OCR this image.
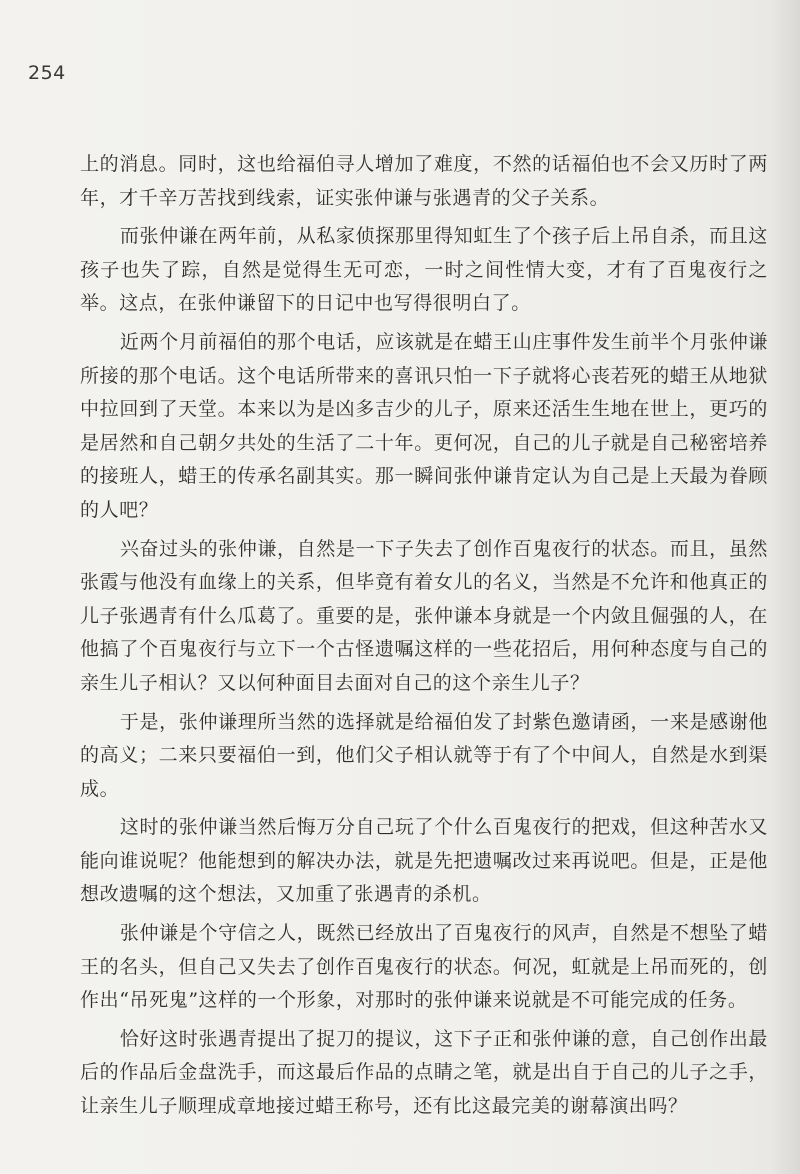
254

上的消息。同时，这也给福伯寻人增加了难度，不然的话福伯也不会又历时了两年，才千辛万苦找到线索，证实张仲谦与张遇青的父子关系。

而张仲谦在两年前，从私家侦探那里得知虹生了个孩子后上吊自杀，而且这孩子也失了踪，自然是觉得生无可恋，一时之间性情大变，才有了百鬼夜行之举。这点，在张仲谦留下的日记中也写得很明白了。

近两个月前福伯的那个电话，应该就是在蜡王山庄事件发生前半个月张仲谦所接的那个电话。这个电话所带来的喜讯只怕一下子就将心丧若死的蜡王从地狱中拉回到了天堂。本来以为是凶多吉少的儿子，原来还活生生地在世上，更巧的是居然和自己朝夕共处的生活了二十年。更何况，自己的儿子就是自己秘密培养的接班人，蜡王的传承名副其实。那一瞬间张仲谦肯定认为自己是上天最为眷顾的人吧？

兴奋过头的张仲谦，自然是一下子失去了创作百鬼夜行的状态。而且，虽然张霞与他没有血缘上的关系，但毕竟有着女儿的名义，当然是不允许和他真正的儿子张遇青有什么瓜葛了。重要的是，张仲谦本身就是一个内敛且倔强的人，在他搞了个百鬼夜行与立下一个古怪遗嘱这样的一些花招后，用何种态度与自己的亲生儿子相认？又以何种面目去面对自己的这个亲生儿子？

于是，张仲谦理所当然的选择就是给福伯发了封紫色邀请函，一来是感谢他的高义；二来只要福伯一到，他们父子相认就等于有了个中间人，自然是水到渠成。

这时的张仲谦当然后悔万分自己玩了个什么百鬼夜行的把戏，但这种苦水又能向谁说呢？他能想到的解决办法，就是先把遗嘱改过来再说吧。但是，正是他想改遗嘱的这个想法，又加重了张遇青的杀机。

张仲谦是个守信之人，既然已经放出了百鬼夜行的风声，自然是不想坠了蜡王的名头，但自己又失去了创作百鬼夜行的状态。何况，虹就是上吊而死的，创作出“吊死鬼”这样的一个形象，对那时的张仲谦来说就是不可能完成的任务。

恰好这时张遇青提出了捉刀的提议，这下子正和张仲谦的意，自己创作出最后的作品后金盘洗手，而这最后作品的点睛之笔，就是出自于自己的儿子之手，让亲生儿子顺理成章地接过蜡王称号，还有比这最完美的谢幕演出吗？
